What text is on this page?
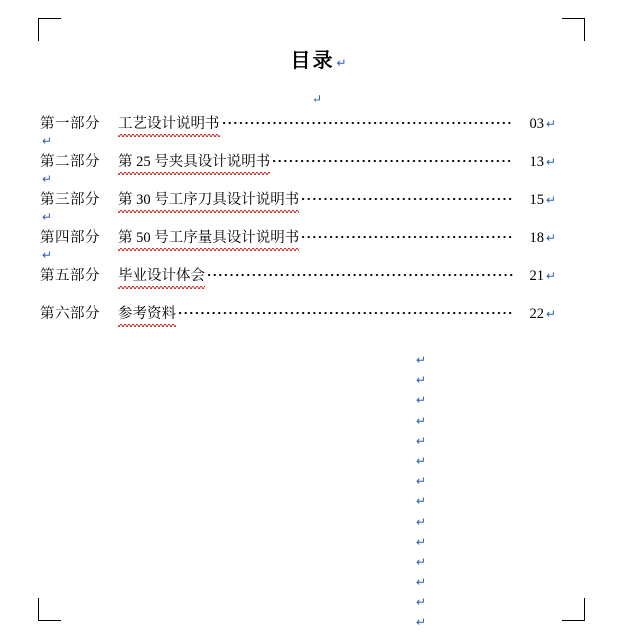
目录 ↵
↵
第一部分	工艺设计说明书	03 ↵
↵
第二部分	第 25 号夹具设计说明书	13 ↵
↵
第三部分	第 30 号工序刀具设计说明书	15 ↵
↵
第四部分	第 50 号工序量具设计说明书	18 ↵
↵
第五部分	毕业设计体会	21 ↵
第六部分	参考资料	22 ↵
↵
↵
↵
↵
↵
↵
↵
↵
↵
↵
↵
↵
↵
↵
